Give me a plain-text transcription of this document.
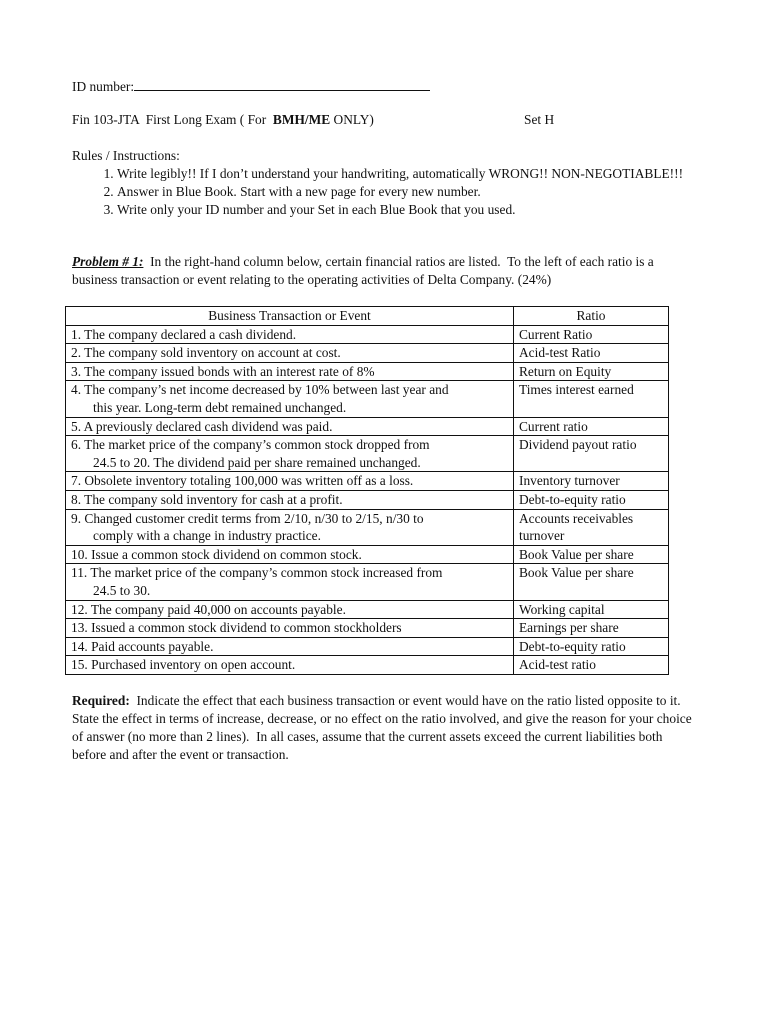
ID number:
Fin 103-JTA  First Long Exam ( For  BMH/ME ONLY)	Set H
Rules / Instructions:
1. Write legibly!! If I don’t understand your handwriting, automatically WRONG!! NON-NEGOTIABLE!!!
2. Answer in Blue Book. Start with a new page for every new number.
3. Write only your ID number and your Set in each Blue Book that you used.
Problem # 1:  In the right-hand column below, certain financial ratios are listed.  To the left of each ratio is a business transaction or event relating to the operating activities of Delta Company. (24%)
Business Transaction or Event	Ratio

1. The company declared a cash dividend.	Current Ratio

2. The company sold inventory on account at cost.	Acid-test Ratio

3. The company issued bonds with an interest rate of 8%	Return on Equity

4. The company’s net income decreased by 10% between last year and
this year. Long-term debt remained unchanged.	Times interest earned

5. A previously declared cash dividend was paid.	Current ratio

6. The market price of the company’s common stock dropped from
24.5 to 20. The dividend paid per share remained unchanged.	Dividend payout ratio

7. Obsolete inventory totaling 100,000 was written off as a loss.	Inventory turnover

8. The company sold inventory for cash at a profit.	Debt-to-equity ratio

9. Changed customer credit terms from 2/10, n/30 to 2/15, n/30 to
comply with a change in industry practice.	Accounts receivables turnover

10. Issue a common stock dividend on common stock.	Book Value per share

11. The market price of the company’s common stock increased from
24.5 to 30.	Book Value per share

12. The company paid 40,000 on accounts payable.	Working capital

13. Issued a common stock dividend to common stockholders	Earnings per share

14. Paid accounts payable.	Debt-to-equity ratio

15. Purchased inventory on open account.	Acid-test ratio
Required:  Indicate the effect that each business transaction or event would have on the ratio listed opposite to it.  State the effect in terms of increase, decrease, or no effect on the ratio involved, and give the reason for your choice of answer (no more than 2 lines).  In all cases, assume that the current assets exceed the current liabilities both before and after the event or transaction.
